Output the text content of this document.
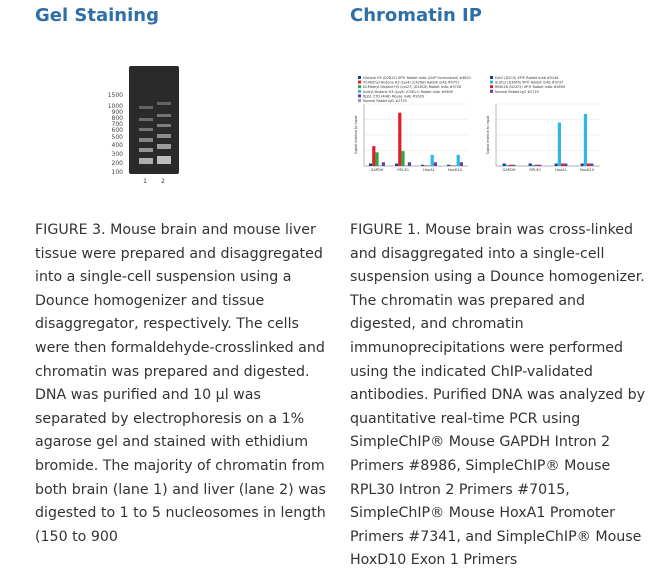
Gel Staining
1500
1000
900
800
700
600
500
400
300
200
100
1	2

FIGURE 3. Mouse brain and mouse liver tissue were prepared and disaggregated into a single-cell suspension using a Dounce homogenizer and tissue disaggregator, respectively. The cells were then formaldehyde-crosslinked and chromatin was prepared and digested. DNA was purified and 10 µl was separated by electrophoresis on a 1% agarose gel and stained with ethidium bromide. The majority of chromatin from both brain (lane 1) and liver (lane 2) was digested to 1 to 5 nucleosomes in length (150 to 900

Chromatin IP
Histone H3 (D2B12) XP® Rabbit mAb (ChIP Formulated) #4620
Tri-Methyl-Histone H3 (Lys4) (C42D8) Rabbit mAb #9751
Di-Methyl-Histone H3 (Lys27) (D18C8) Rabbit mAb #9728
Acetyl-Histone H3 (Lys9) (C5B11) Rabbit mAb #9649
Rpb1 CTD (4H8) Mouse mAb #2629
Normal Rabbit IgG #2729
Signal relative to input
GAPDH	RPL30	HoxA1	HoxD10
Ezh2 (D2C9) XP® Rabbit mAb #5246
SUZ12 (D39F6) XP® Rabbit mAb #3737
RING1B (D22F2) XP® Rabbit mAb #5694
Normal Rabbit IgG #2729
Signal relative to input
GAPDH	RPL30	HoxA1	HoxD10

FIGURE 1. Mouse brain was cross-linked and disaggregated into a single-cell suspension using a Dounce homogenizer. The chromatin was prepared and digested, and chromatin immunoprecipitations were performed using the indicated ChIP-validated antibodies. Purified DNA was analyzed by quantitative real-time PCR using SimpleChIP® Mouse GAPDH Intron 2 Primers #8986, SimpleChIP® Mouse RPL30 Intron 2 Primers #7015, SimpleChIP® Mouse HoxA1 Promoter Primers #7341, and SimpleChIP® Mouse HoxD10 Exon 1 Primers
